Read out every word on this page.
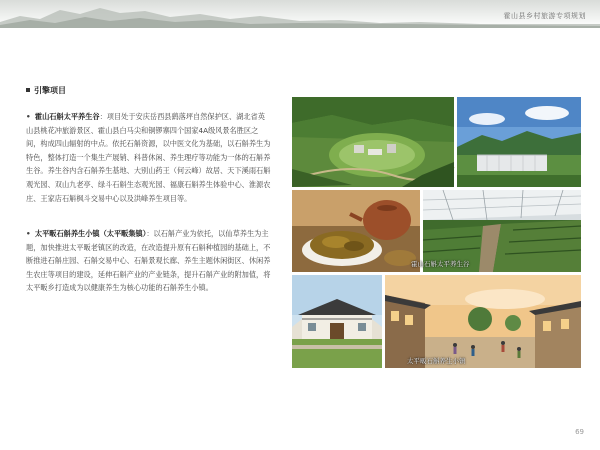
霍山县乡村旅游专项规划
引擎项目
• 霍山石斛太平养生谷：项目处于安庆岳西县鹞落坪自然保护区、湖北省英山县桃花冲旅游景区、霍山县白马尖和铜锣寨四个国家4A级风景名胜区之间，构成四山辐射的中点。依托石斛资源，以中医文化为基础，以石斛养生为特色，整体打造一个集生产展销、科普休闲、养生理疗等功能为一体的石斛养生谷。养生谷内含石斛养生基地、大别山药王（何云峰）故居、天下溪雨石斛观光园、双山九老亭、绿斗石斛生态观光园、福康石斛养生体验中心、淮源农庄、王家店石斛枫斗交易中心以及洪峰养生项目等。
• 太平畈石斛养生小镇（太平畈集镇）：以石斛产业为依托，以仙草养生为主题，加快推进太平畈老镇区的改造，在改造提升原有石斛种植园的基础上，不断推进石斛庄园、石斛交易中心、石斛景观长廊、养生主题休闲街区、休闲养生农庄等项目的建设，延伸石斛产业的产业链条，提升石斛产业的附加值，将太平畈乡打造成为以健康养生为核心功能的石斛养生小镇。
霍山石斛太平养生谷
太平畈石斛养生小镇
69
